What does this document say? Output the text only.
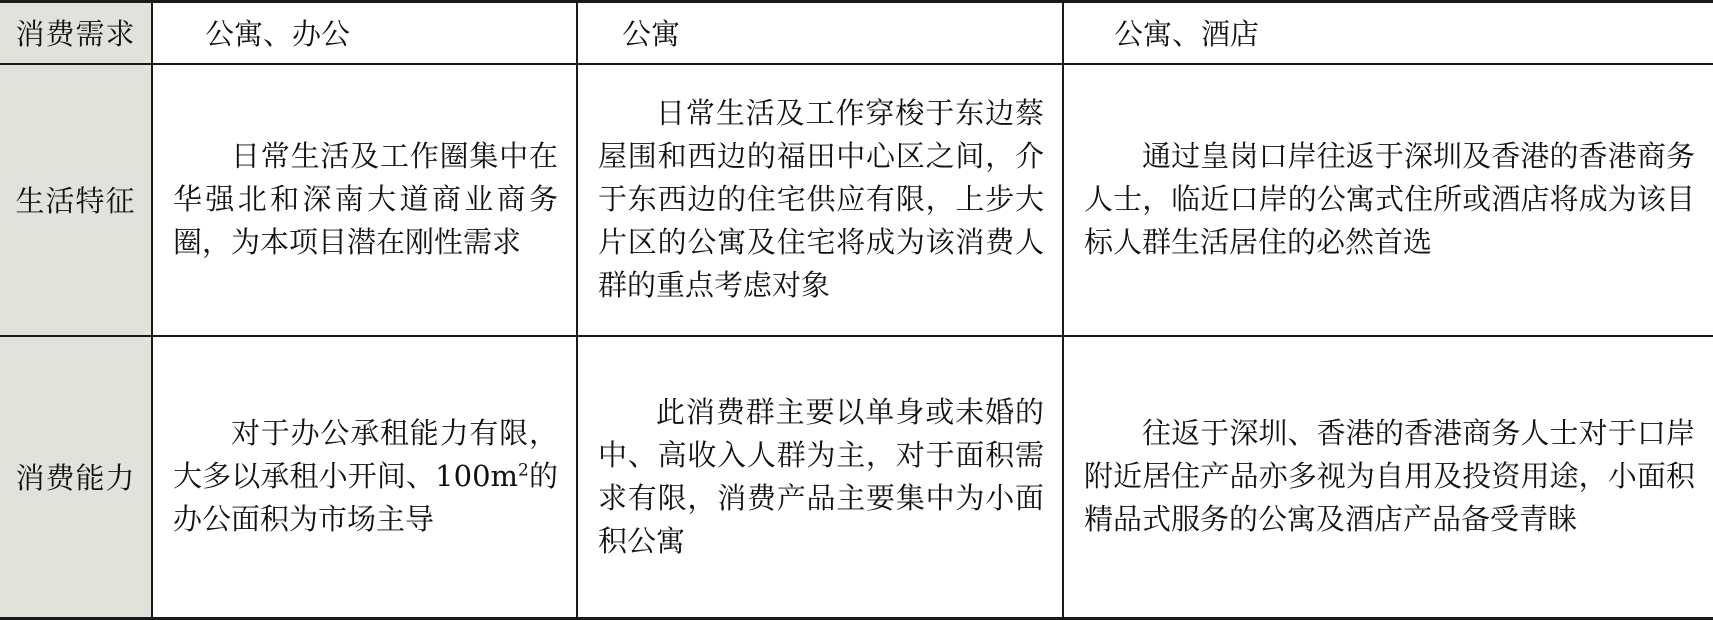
消费需求	公寓、办公	公寓	公寓、酒店
生活特征	日常生活及工作圈集中在华强北和深南大道商业商务圈，为本项目潜在刚性需求	日常生活及工作穿梭于东边蔡屋围和西边的福田中心区之间，介于东西边的住宅供应有限，上步大片区的公寓及住宅将成为该消费人群的重点考虑对象	通过皇岗口岸往返于深圳及香港的香港商务人士，临近口岸的公寓式住所或酒店将成为该目标人群生活居住的必然首选

消费能力	对于办公承租能力有限，大多以承租小开间、$100m^2$的办公面积为市场主导	此消费群主要以单身或未婚的中、高收入人群为主，对于面积需求有限，消费产品主要集中为小面积公寓	往返于深圳、香港的香港商务人士对于口岸附近居住产品亦多视为自用及投资用途，小面积精品式服务的公寓及酒店产品备受青睐
